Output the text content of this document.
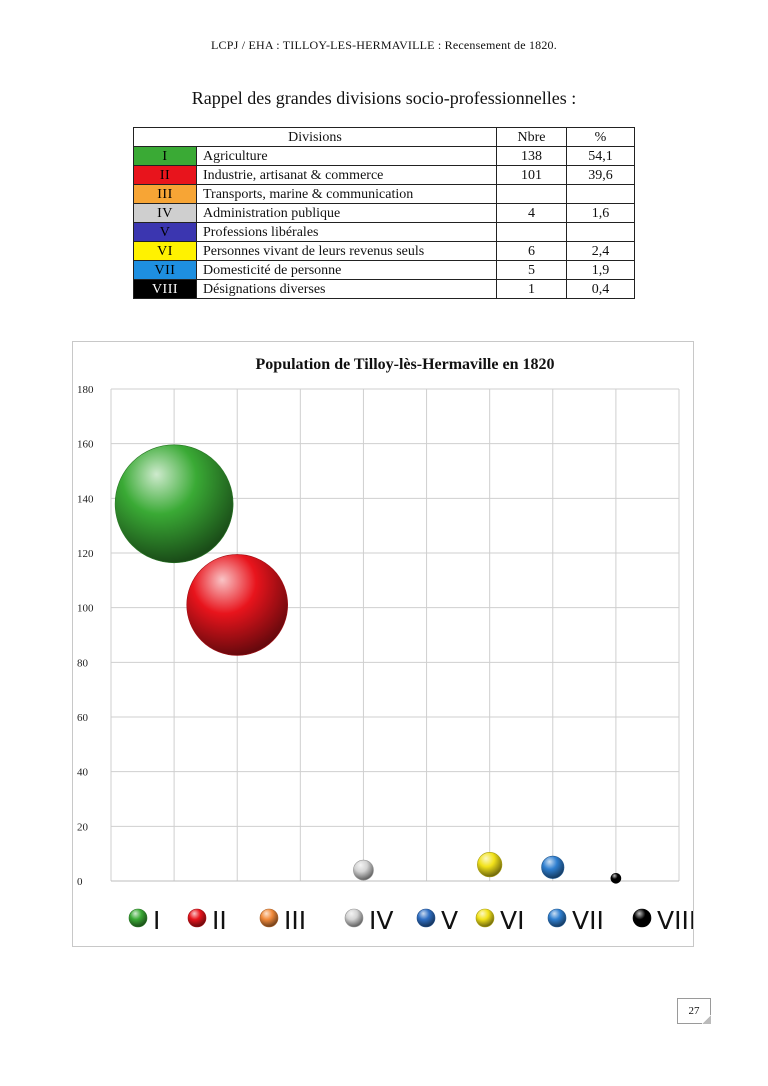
LCPJ / EHA : TILLOY-LES-HERMAVILLE : Recensement de 1820.
Rappel des grandes divisions socio-professionnelles :
Divisions		Nbre	%
I	Agriculture	138	54,1
II	Industrie, artisanat & commerce	101	39,6
III	Transports, marine & communication		
IV	Administration publique	4	1,6
V	Professions libérales		
VI	Personnes vivant de leurs revenus seuls	6	2,4
VII	Domesticité de personne	5	1,9
VIII	Désignations diverses	1	0,4
Population de Tilloy-lès-Hermaville en 1820
0
20
40
60
80
100
120
140
160
180
I II III	IV V VI VII VIII
27
